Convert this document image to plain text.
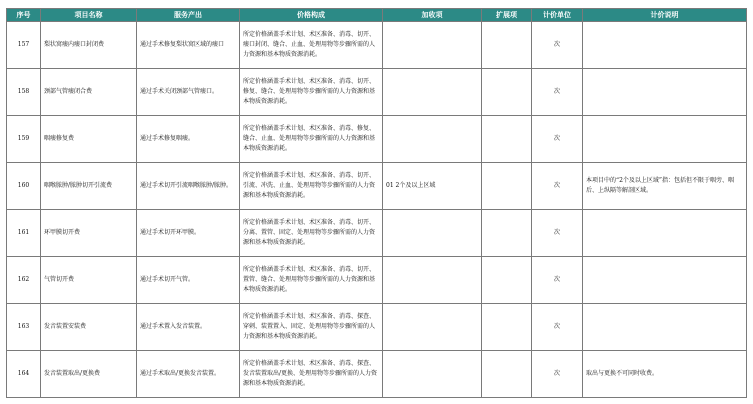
序号	项目名称	服务产出	价格构成	加收项	扩展项	计价单位	计价说明
157	梨状窝瘘内瘘口封闭费	通过手术修复梨状窝区域的瘘口	所定价格涵盖手术计划、术区准备、消毒、切开、瘘口封闭、缝合、止血、处理用物等步骤所需的人力资源和基本物质资源消耗。			次	
158	颈部气管瘘闭合费	通过手术关闭颈部气管瘘口。	所定价格涵盖手术计划、术区准备、消毒、切开、修复、缝合、处理用物等步骤所需的人力资源和基本物质资源消耗。			次	
159	咽瘘修复费	通过手术修复咽瘘。	所定价格涵盖手术计划、术区准备、消毒、修复、缝合、止血、处理用物等步骤所需的人力资源和基本物质资源消耗。			次	
160	咽喉脓肿/脓肿切开引流费	通过手术切开引流咽喉脓肿/脓肿。	所定价格涵盖手术计划、术区准备、消毒、切开、引流、冲洗、止血、处理用物等步骤所需的人力资源和基本物质资源消耗。	01 2个及以上区域		次	本项目中的“2个及以上区域”指：包括但不限于咽旁、咽后、上纵隔等解剖区域。
161	环甲膜切开费	通过手术切开环甲膜。	所定价格涵盖手术计划、术区准备、消毒、切开、分离、置管、固定、处理用物等步骤所需的人力资源和基本物质资源消耗。			次	
162	气管切开费	通过手术切开气管。	所定价格涵盖手术计划、术区准备、消毒、切开、置管、缝合、处理用物等步骤所需的人力资源和基本物质资源消耗。			次	
163	发音装置安装费	通过手术置入发音装置。	所定价格涵盖手术计划、术区准备、消毒、探查、穿刺、装置置入、固定、处理用物等步骤所需的人力资源和基本物质资源消耗。			次	
164	发音装置取出/更换费	通过手术取出/更换发音装置。	所定价格涵盖手术计划、术区准备、消毒、探查、发音装置取出/更换、处理用物等步骤所需的人力资源和基本物质资源消耗。			次	取出与更换不可同时收费。
